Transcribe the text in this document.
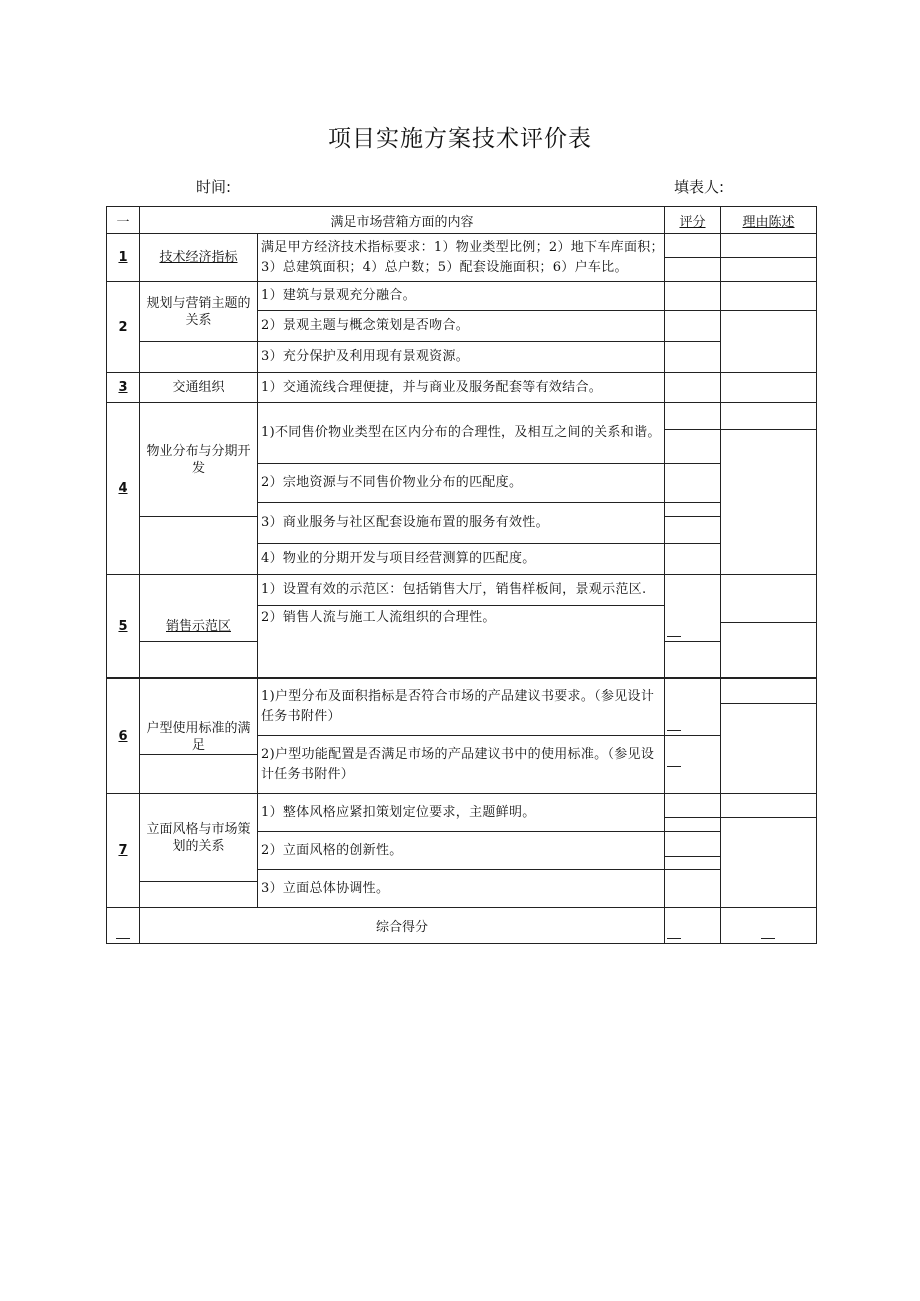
项目实施方案技术评价表
时间:	填表人:
一	满足市场营箱方面的内容		评分	理由陈述
1	技术经济指标	满足甲方经济技术指标要求：1）物业类型比例；2）地下车库面积；3）总建筑面积；4）总户数；5）配套设施面积；6）户车比。		

2	规划与营销主题的关系	1）建筑与景观充分融合。		
		2）景观主题与概念策划是否吻合。		
		3）充分保护及利用现有景观资源。		
3	交通组织	1）交通流线合理便捷，并与商业及服务配套等有效结合。		
4	物业分布与分期开发	1)不同售价物业类型在区内分布的合理性，及相互之间的关系和谐。		

		2）宗地资源与不同售价物业分布的匹配度。		

		3）商业服务与社区配套设施布置的服务有效性。		

		4）物业的分期开发与项目经营测算的匹配度。		
5	销售示范区	1）设置有效的示范区：包括销售大厅，销售样板间，景观示范区.	

		2）销售人流与施工人流组织的合理性。		

6	户型使用标准的满足	1)户型分布及面积指标是否符合市场的产品建议书要求。（参见设计任务书附件）	

		2)户型功能配置是否满足市场的产品建议书中的使用标准。（参见设计任务书附件）		

7	立面风格与市场策划的关系	1）整体风格应紧扣策划定位要求，主题鲜明。		

		2）立面风格的创新性。		

		3）立面总体协调性。		

	综合得分		
